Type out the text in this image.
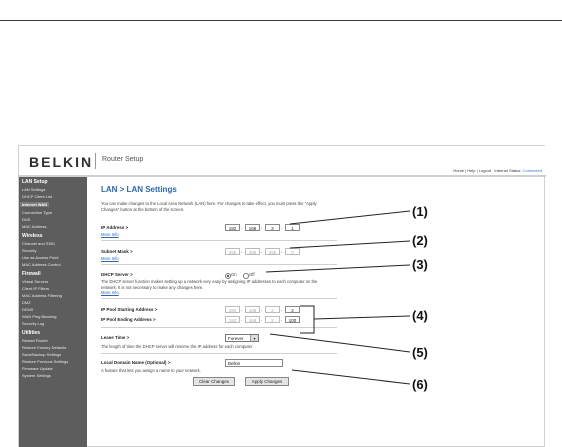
BELKIN Router Setup
Home | Help | Logout Internet Status: Connected
LAN Setup
LAN Settings
DHCP Client List
Internet WAN
Connection Type
DNS
MAC Address
Wireless
Channel and SSID
Security
Use as Access Point
MAC Address Control
Firewall
Virtual Servers
Client IP Filters
MAC Address Filtering
DMZ
DDNS
WAN Ping Blocking
Security Log
Utilities
Restart Router
Restore Factory Defaults
Save/Backup Settings
Restore Previous Settings
Firmware Update
System Settings
LAN > LAN Settings
You can make changes to the Local Area Network (LAN) here. For changes to take effect, you must press the "Apply Changes" button at the bottom of the screen.
IP Address >	192 .	168 .	2	.	1
More Info
Subnet Mask >	255 .	255 .	255 .	0
More Info
DHCP Server >	On	Off
The DHCP server function makes setting up a network very easy by assigning IP addresses to each computer on the network. It is not necessary to make any changes here.
More Info
IP Pool Starting Address >	192 .	168 .	2	.	2
IP Pool Ending Address >	192 .	168 .	2	.	100
Lease Time >	Forever	▾
The length of time the DHCP server will reserve the IP address for each computer
Local Domain Name (Optional) >	Belkin
A feature that lets you assign a name to your network.
Clear Changes	Apply Changes
(1)
(2)
(3)
(4)
(5)
(6)
